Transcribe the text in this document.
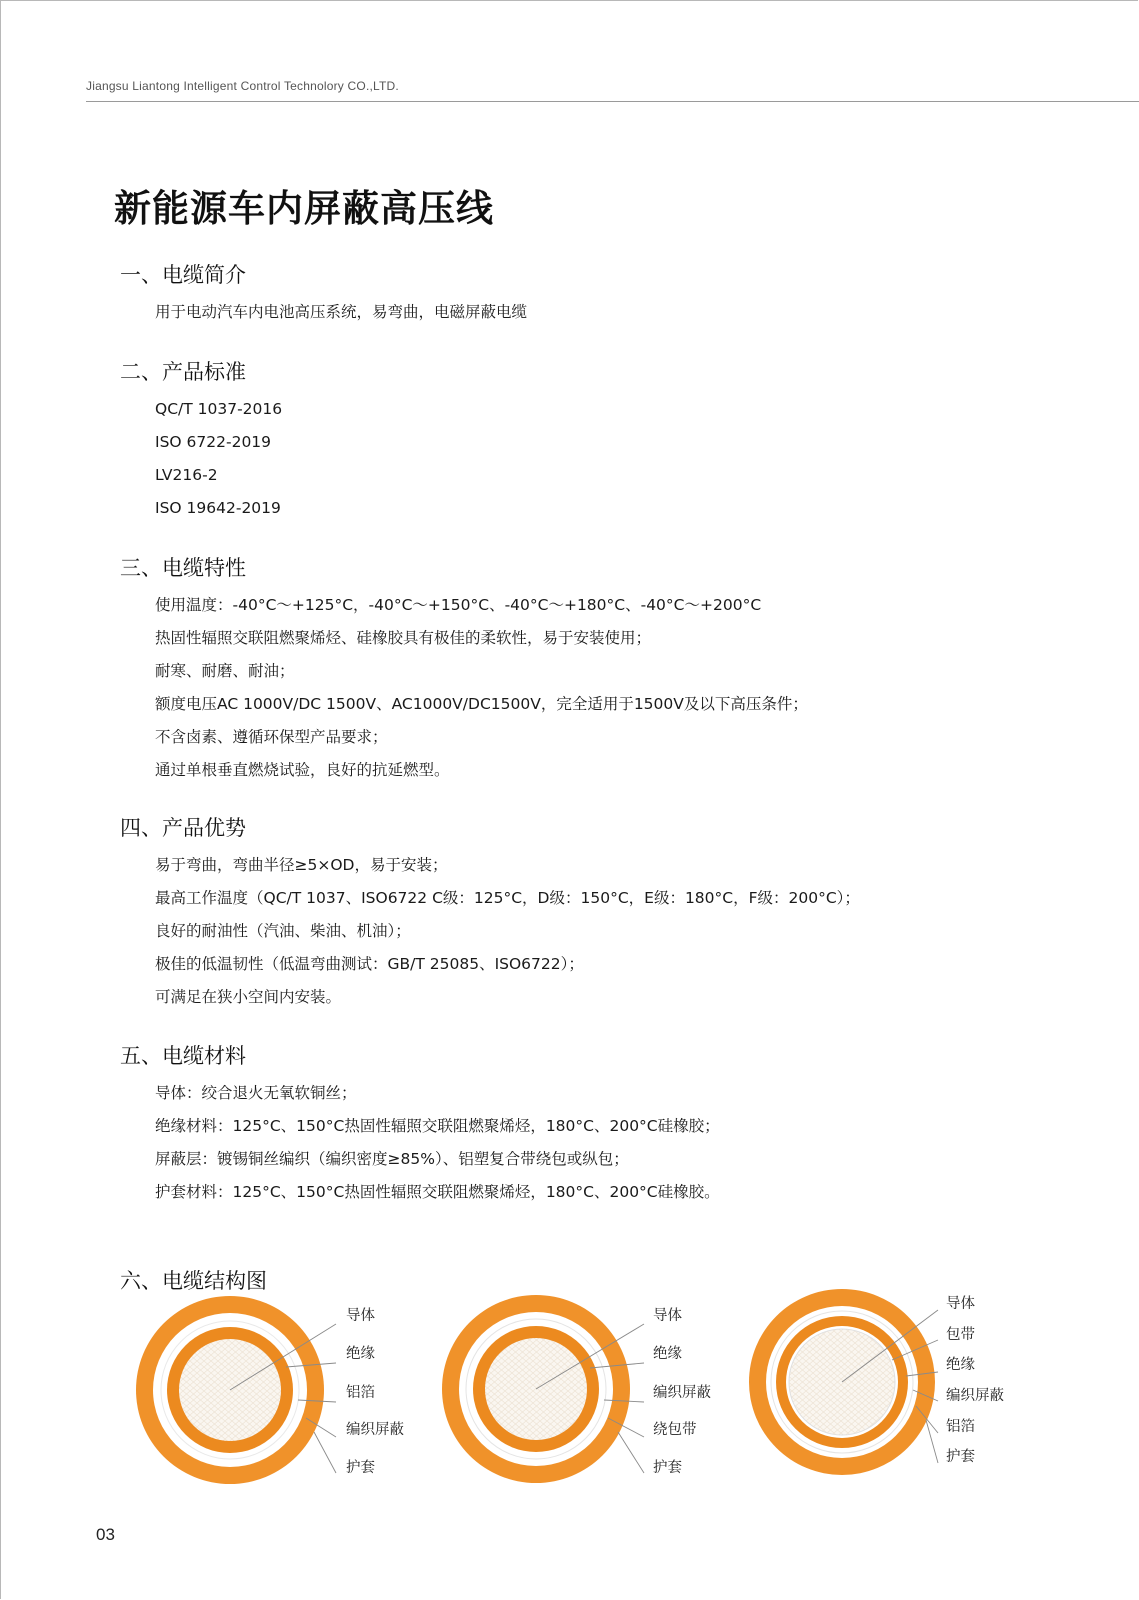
Jiangsu Liantong Intelligent Control Technolory CO.,LTD.
新能源车内屏蔽高压线
一、电缆简介
用于电动汽车内电池高压系统，易弯曲，电磁屏蔽电缆
二、产品标准
QC/T 1037-2016
ISO 6722-2019
LV216-2
ISO 19642-2019
三、电缆特性
使用温度：-40°C～+125°C，-40°C～+150°C、-40°C～+180°C、-40°C～+200°C
热固性辐照交联阻燃聚烯烃、硅橡胶具有极佳的柔软性，易于安装使用；
耐寒、耐磨、耐油；
额度电压AC 1000V/DC 1500V、AC1000V/DC1500V，完全适用于1500V及以下高压条件；
不含卤素、遵循环保型产品要求；
通过单根垂直燃烧试验，良好的抗延燃型。
四、产品优势
易于弯曲，弯曲半径≥5×OD，易于安装；
最高工作温度（QC/T 1037、ISO6722 C级：125°C，D级：150°C，E级：180°C，F级：200°C）；
良好的耐油性（汽油、柴油、机油）；
极佳的低温韧性（低温弯曲测试：GB/T 25085、ISO6722）；
可满足在狭小空间内安装。
五、电缆材料
导体：绞合退火无氧软铜丝；
绝缘材料：125°C、150°C热固性辐照交联阻燃聚烯烃，180°C、200°C硅橡胶；
屏蔽层：镀锡铜丝编织（编织密度≥85%）、铝塑复合带绕包或纵包；
护套材料：125°C、150°C热固性辐照交联阻燃聚烯烃，180°C、200°C硅橡胶。
六、电缆结构图
导体
绝缘
铝箔
编织屏蔽
护套
导体
绝缘
编织屏蔽
绕包带
护套
导体
包带
绝缘
编织屏蔽
铝箔
护套
03
